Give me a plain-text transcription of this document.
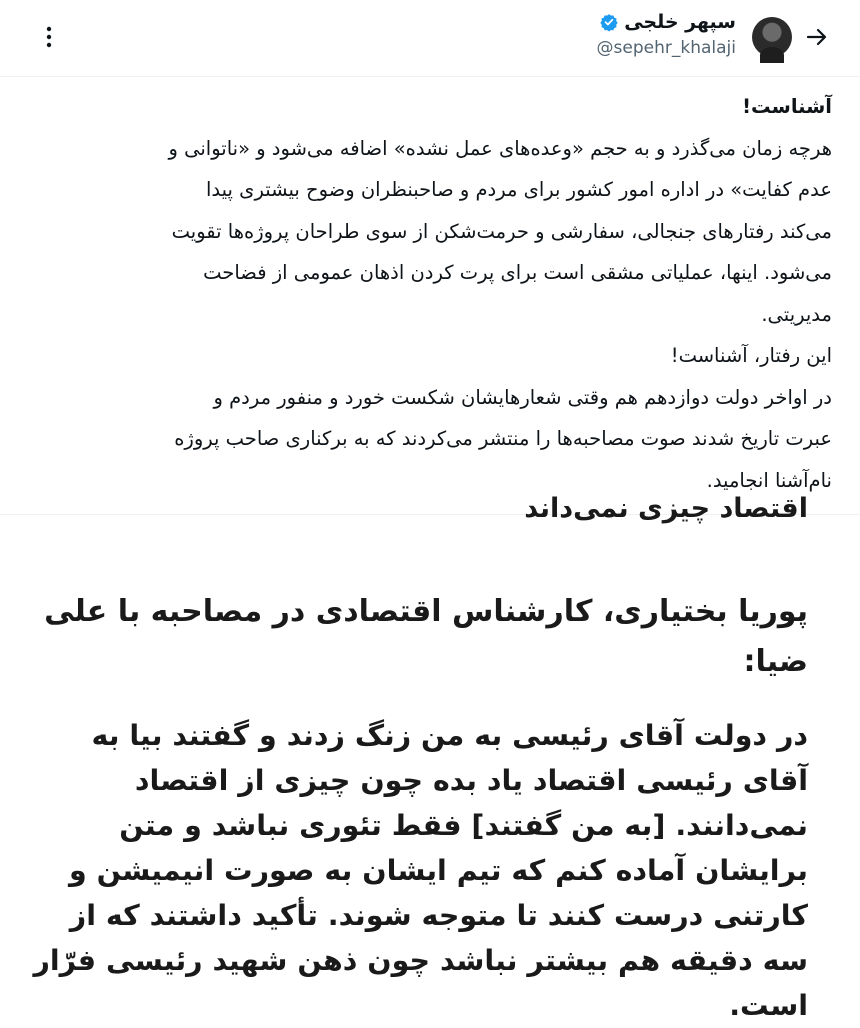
سپهر خلجی
@sepehr_khalaji

آشناست!

هرچه زمان می‌گذرد و به حجم «وعده‌های عمل نشده» اضافه می‌شود و «ناتوانی و

عدم کفایت» در اداره امور کشور برای مردم و صاحبنظران وضوح بیشتری پیدا

می‌کند رفتارهای جنجالی، سفارشی و حرمت‌شکن از سوی طراحان پروژه‌ها تقویت

می‌شود. اینها، عملیاتی مشقی است برای پرت کردن اذهان عمومی از فضاحت

مدیریتی.

این رفتار، آشناست!

در اواخر دولت دوازدهم هم وقتی شعارهایشان شکست خورد و منفور مردم و

عبرت تاریخ شدند صوت مصاحبه‌ها را منتشر می‌کردند که به برکناری صاحب پروژه

نام‌آشنا انجامید.

اقتصاد چیزی نمی‌داند
پوریا بختیاری، کارشناس اقتصادی در مصاحبه با علی ضیا:
در دولت آقای رئیسی به من زنگ زدند و گفتند بیا به آقای رئیسی اقتصاد یاد بده چون چیزی از اقتصاد نمی‌دانند. [به من گفتند] فقط تئوری نباشد و متن برایشان آماده کنم که تیم ایشان به صورت انیمیشن و کارتنی درست کنند تا متوجه شوند. تأکید داشتند که از سه دقیقه هم بیشتر نباشد چون ذهن شهید رئیسی فرّار است.
